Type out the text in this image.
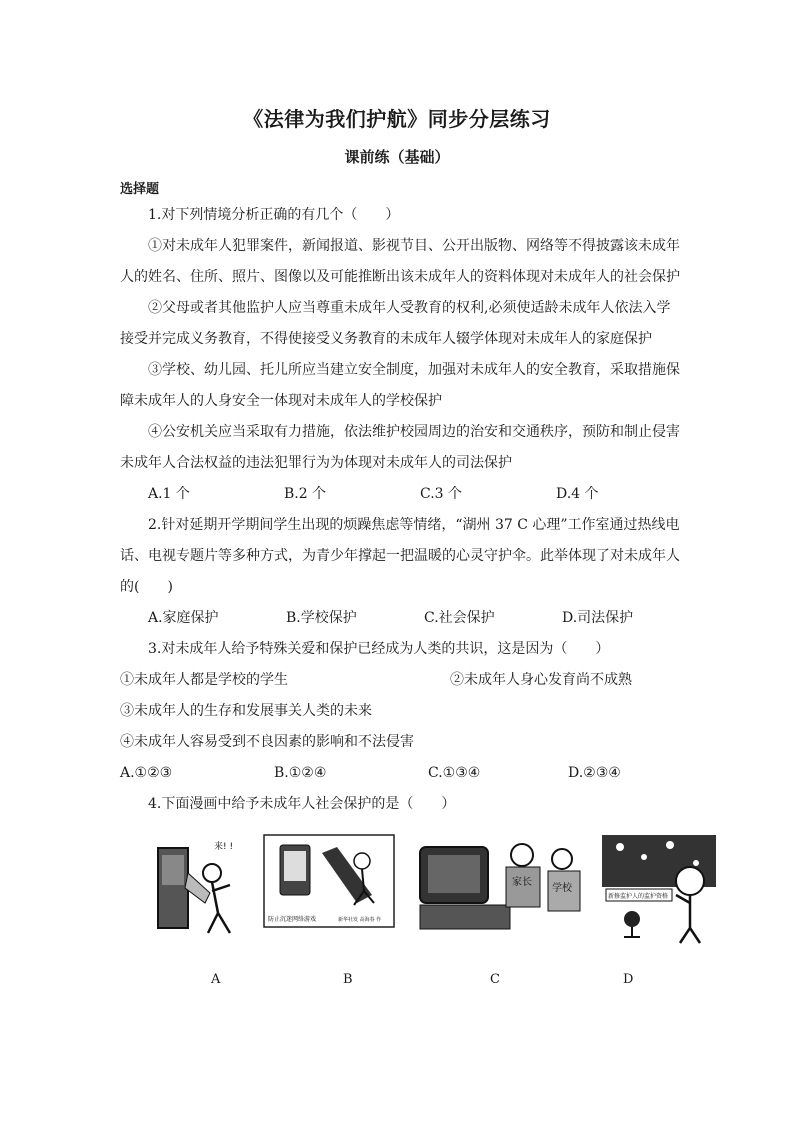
《法律为我们护航》同步分层练习
课前练（基础）
选择题
1.对下列情境分析正确的有几个（　　）
①对未成年人犯罪案件，新闻报道、影视节目、公开出版物、网络等不得披露该未成年
人的姓名、住所、照片、图像以及可能推断出该未成年人的资料体现对未成年人的社会保护
②父母或者其他监护人应当尊重未成年人受教育的权利,必须使适龄未成年人依法入学
接受并完成义务教育，不得使接受义务教育的未成年人辍学体现对未成年人的家庭保护
③学校、幼儿园、托儿所应当建立安全制度，加强对未成年人的安全教育，采取措施保
障未成年人的人身安全一体现对未成年人的学校保护
④公安机关应当采取有力措施，依法维护校园周边的治安和交通秩序，预防和制止侵害
未成年人合法权益的违法犯罪行为为体现对未成年人的司法保护
A.1 个	B.2 个	C.3 个	D.4 个
2.针对延期开学期间学生出现的烦躁焦虑等情绪，“湖州 37 C 心理”工作室通过热线电
话、电视专题片等多种方式，为青少年撑起一把温暖的心灵守护伞。此举体现了对未成年人
的(　　)
A.家庭保护	B.学校保护	C.社会保护	D.司法保护
3.对未成年人给予特殊关爱和保护已经成为人类的共识，这是因为（　　）
①未成年人都是学校的学生	②未成年人身心发育尚不成熟
③未成年人的生存和发展事关人类的未来
④未成年人容易受到不良因素的影响和不法侵害
A.①②③	B.①②④	C.①③④	D.②③④
4.下面漫画中给予未成年人社会保护的是（　　）
来! !
防止沉迷网络游戏	新华社发 高海春 作
家长
学校
新修监护人的监护资格
A	B	C	D
